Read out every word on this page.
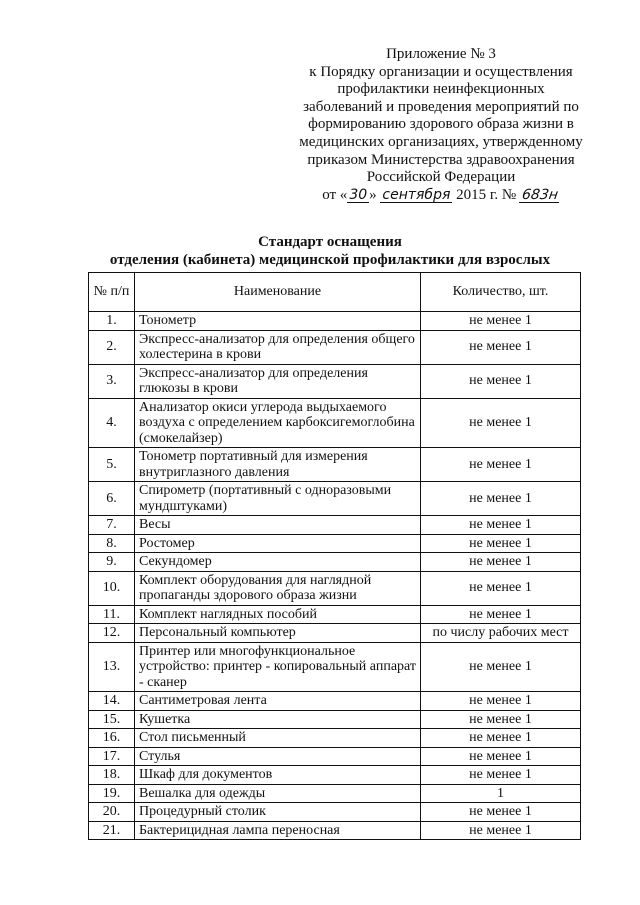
Приложение № 3
к Порядку организации и осуществления
профилактики неинфекционных
заболеваний и проведения мероприятий по
формированию здорового образа жизни в
медицинских организациях, утвержденному
приказом Министерства здравоохранения
Российской Федерации
от « 30 » сентября 2015 г. № 683н
Стандарт оснащения
отделения (кабинета) медицинской профилактики для взрослых
№ п/п	Наименование	Количество, шт.
1.	Тонометр	не менее 1
2.	Экспресс-анализатор для определения общего холестерина в крови	не менее 1
3.	Экспресс-анализатор для определения глюкозы в крови	не менее 1
4.	Анализатор окиси углерода выдыхаемого воздуха с определением карбоксигемоглобина (смокелайзер)	не менее 1
5.	Тонометр портативный для измерения внутриглазного давления	не менее 1
6.	Спирометр (портативный с одноразовыми мундштуками)	не менее 1
7.	Весы	не менее 1
8.	Ростомер	не менее 1
9.	Секундомер	не менее 1
10.	Комплект оборудования для наглядной пропаганды здорового образа жизни	не менее 1
11.	Комплект наглядных пособий	не менее 1
12.	Персональный компьютер	по числу рабочих мест
13.	Принтер или многофункциональное устройство: принтер - копировальный аппарат - сканер	не менее 1
14.	Сантиметровая лента	не менее 1
15.	Кушетка	не менее 1
16.	Стол письменный	не менее 1
17.	Стулья	не менее 1
18.	Шкаф для документов	не менее 1
19.	Вешалка для одежды	1
20.	Процедурный столик	не менее 1
21.	Бактерицидная лампа переносная	не менее 1
